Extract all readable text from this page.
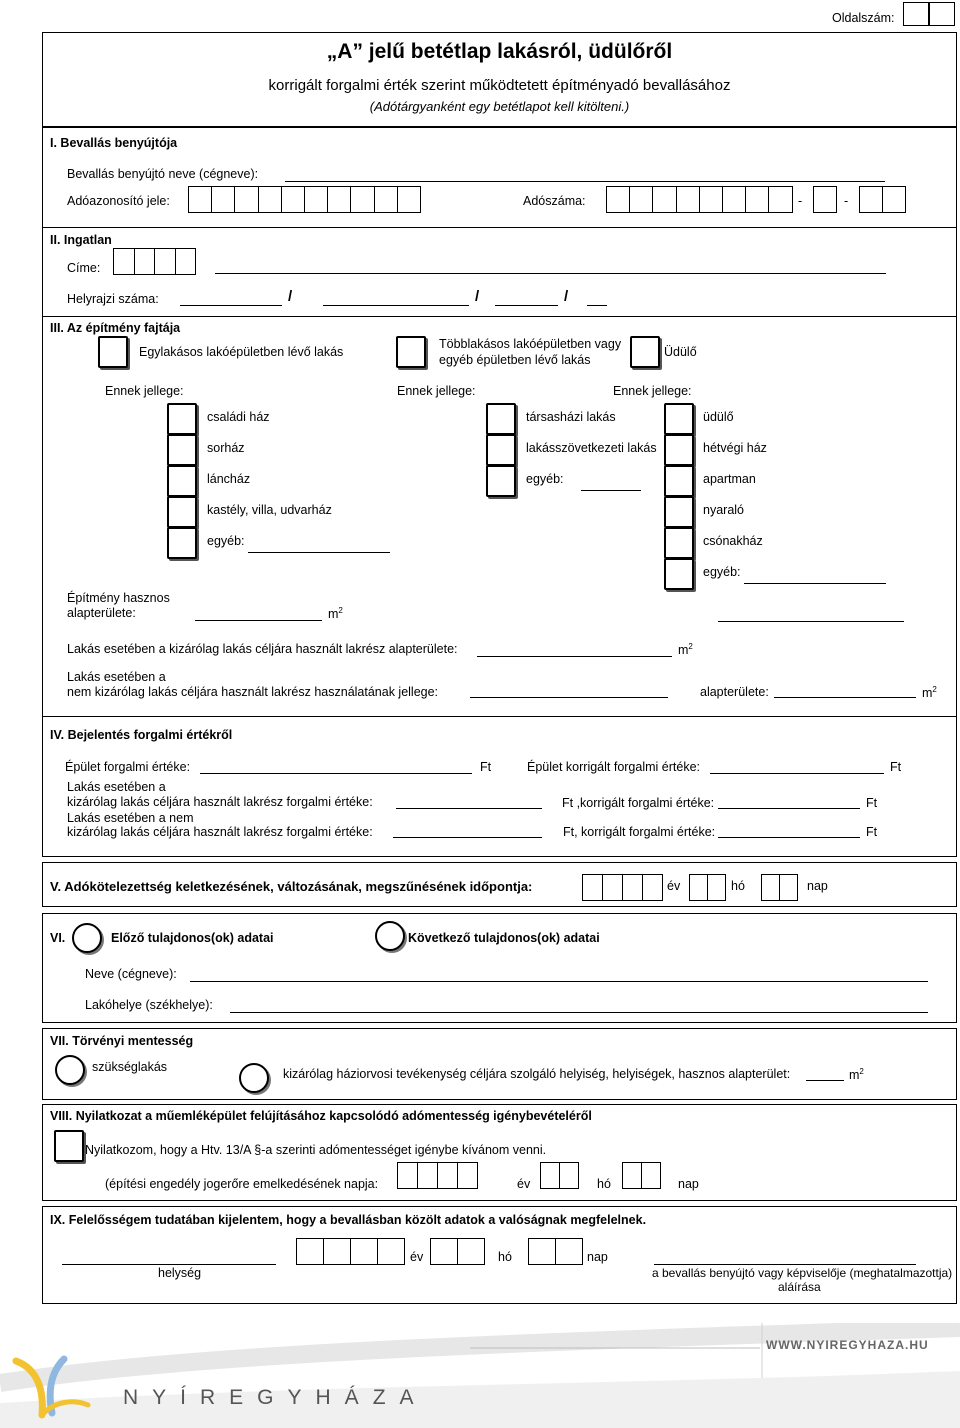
Oldalszám:
„A” jelű betétlap lakásról, üdülőről
korrigált forgalmi érték szerint működtetett építményadó bevallásához
(Adótárgyanként egy betétlapot kell kitölteni.)
I. Bevallás benyújtója
Bevallás benyújtó neve (cégneve):
Adóazonosító jele:	Adószáma:	-	-
II. Ingatlan
Címe:
Helyrajzi száma:	/	/	/
III. Az építmény fajtája
Egylakásos lakóépületben lévő lakás
Többlakásos lakóépületben vagy
egyéb épületben lévő lakás
Üdülő
Ennek jellege:	Ennek jellege:	Ennek jellege:
családi ház
sorház
láncház
kastély, villa, udvarház
egyéb:
társasházi lakás
lakásszövetkezeti lakás
egyéb:
üdülő
hétvégi ház
apartman
nyaraló
csónakház
egyéb:
Építmény hasznos
alapterülete:	$m^2$
Lakás esetében a kizárólag lakás céljára használt lakrész alapterülete:	$m^2$
Lakás esetében a
nem kizárólag lakás céljára használt lakrész használatának jellege:	alapterülete:	$m^2$
IV. Bejelentés forgalmi értékről
Épület forgalmi értéke:	Ft	Épület korrigált forgalmi értéke:	Ft
Lakás esetében a
kizárólag lakás céljára használt lakrész forgalmi értéke:	Ft ,korrigált forgalmi értéke:	Ft
Lakás esetében a nem
kizárólag lakás céljára használt lakrész forgalmi értéke:	Ft, korrigált forgalmi értéke:	Ft
V. Adókötelezettség keletkezésének, változásának, megszűnésének időpontja:	év	hó	nap
VI.	Előző tulajdonos(ok) adatai	Következő tulajdonos(ok) adatai
Neve (cégneve):
Lakóhelye (székhelye):
VII. Törvényi mentesség
szükséglakás	kizárólag háziorvosi tevékenység céljára szolgáló helyiség, helyiségek, hasznos alapterület:	$m^2$
VIII. Nyilatkozat a műemléképület felújításához kapcsolódó adómentesség igénybevételéről
Nyilatkozom, hogy a Htv. 13/A §-a szerinti adómentességet igénybe kívánom venni.
(építési engedély jogerőre emelkedésének napja:	év	hó	nap
IX. Felelősségem tudatában kijelentem, hogy a bevallásban közölt adatok a valóságnak megfelelnek.
helység
év	hó	nap
a bevallás benyújtó vagy képviselője (meghatalmazottja)
aláírása
NYÍREGYHÁZA
WWW.NYIREGYHAZA.HU
